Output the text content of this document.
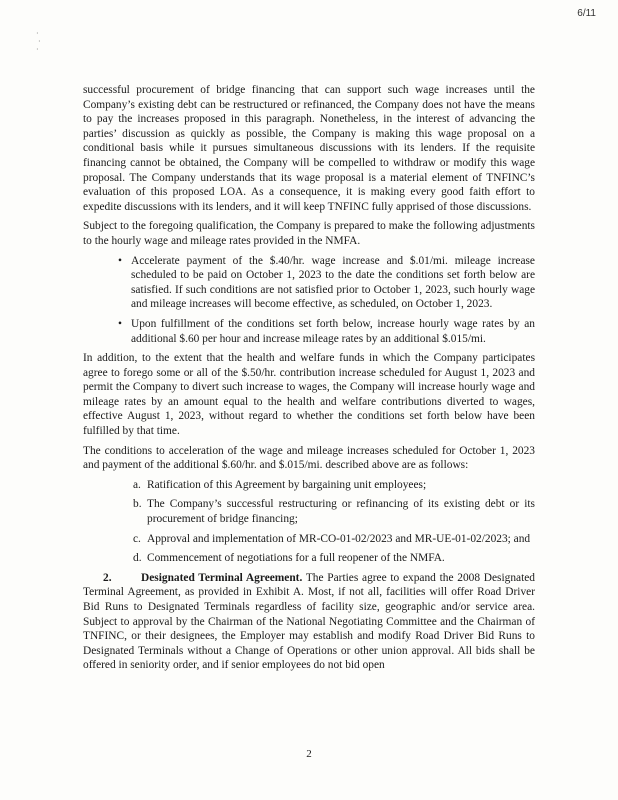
6/11
·
·
·

successful procurement of bridge financing that can support such wage increases until the Company’s existing debt can be restructured or refinanced, the Company does not have the means to pay the increases proposed in this paragraph. Nonetheless, in the interest of advancing the parties’ discussion as quickly as possible, the Company is making this wage proposal on a conditional basis while it pursues simultaneous discussions with its lenders. If the requisite financing cannot be obtained, the Company will be compelled to withdraw or modify this wage proposal. The Company understands that its wage proposal is a material element of TNFINC’s evaluation of this proposed LOA. As a consequence, it is making every good faith effort to expedite discussions with its lenders, and it will keep TNFINC fully apprised of those discussions.

Subject to the foregoing qualification, the Company is prepared to make the following adjustments to the hourly wage and mileage rates provided in the NMFA.

• Accelerate payment of the $.40/hr. wage increase and $.01/mi. mileage increase scheduled to be paid on October 1, 2023 to the date the conditions set forth below are satisfied. If such conditions are not satisfied prior to October 1, 2023, such hourly wage and mileage increases will become effective, as scheduled, on October 1, 2023.
• Upon fulfillment of the conditions set forth below, increase hourly wage rates by an additional $.60 per hour and increase mileage rates by an additional $.015/mi.

In addition, to the extent that the health and welfare funds in which the Company participates agree to forego some or all of the $.50/hr. contribution increase scheduled for August 1, 2023 and permit the Company to divert such increase to wages, the Company will increase hourly wage and mileage rates by an amount equal to the health and welfare contributions diverted to wages, effective August 1, 2023, without regard to whether the conditions set forth below have been fulfilled by that time.

The conditions to acceleration of the wage and mileage increases scheduled for October 1, 2023 and payment of the additional $.60/hr. and $.015/mi. described above are as follows:

a. Ratification of this Agreement by bargaining unit employees;
b. The Company’s successful restructuring or refinancing of its existing debt or its procurement of bridge financing;
c. Approval and implementation of MR-CO-01-02/2023 and MR-UE-01-02/2023; and
d. Commencement of negotiations for a full reopener of the NMFA.

2.	Designated Terminal Agreement. The Parties agree to expand the 2008 Designated Terminal Agreement, as provided in Exhibit A. Most, if not all, facilities will offer Road Driver Bid Runs to Designated Terminals regardless of facility size, geographic and/or service area. Subject to approval by the Chairman of the National Negotiating Committee and the Chairman of TNFINC, or their designees, the Employer may establish and modify Road Driver Bid Runs to Designated Terminals without a Change of Operations or other union approval. All bids shall be offered in seniority order, and if senior employees do not bid open

2
